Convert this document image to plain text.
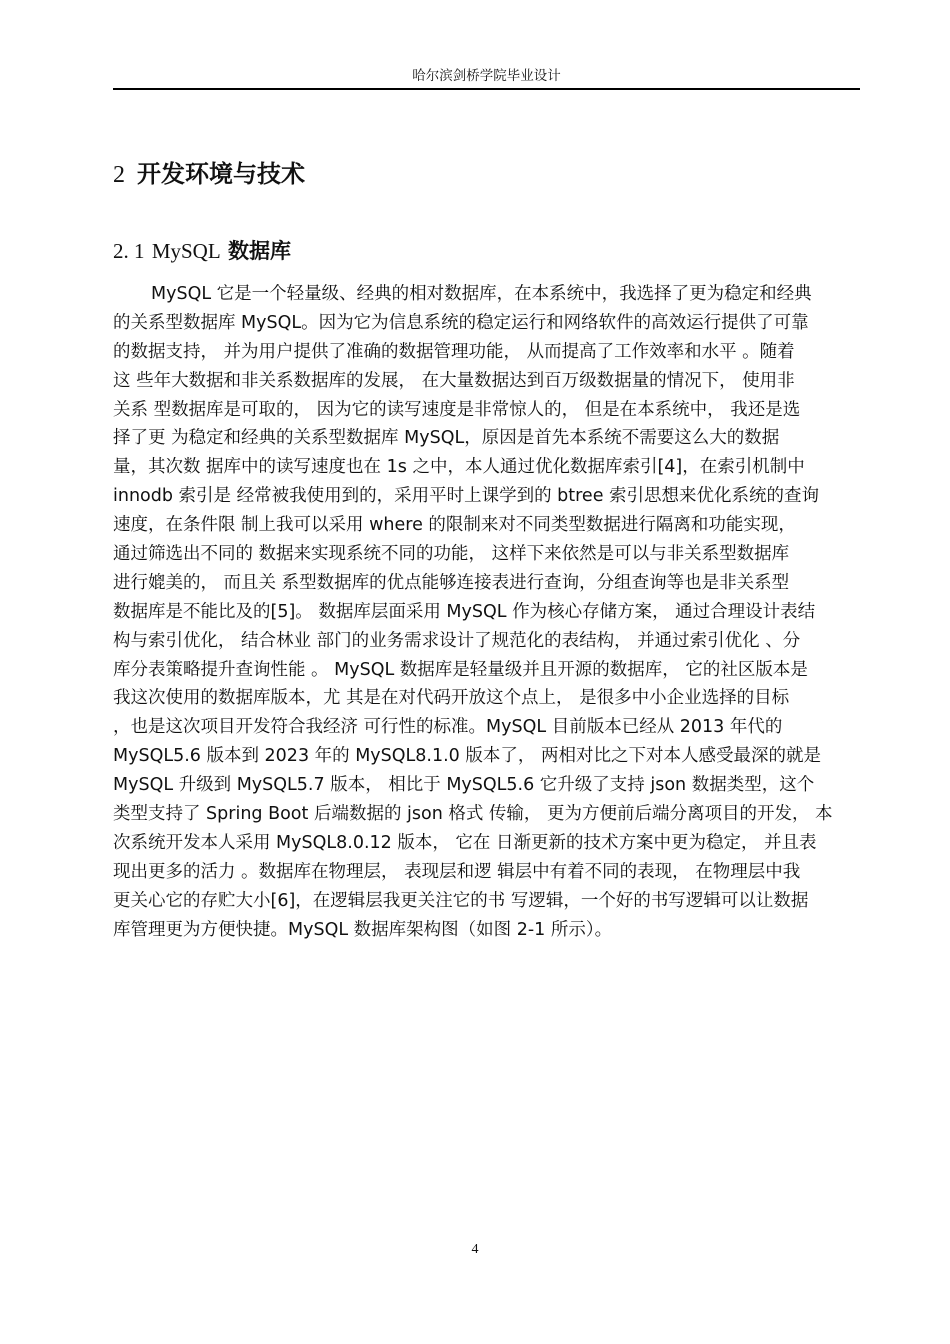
哈尔滨剑桥学院毕业设计
2 开发环境与技术
2. 1 MySQL 数据库
MySQL 它是一个轻量级、经典的相对数据库，在本系统中，我选择了更为稳定和经典
的关系型数据库 MySQL。因为它为信息系统的稳定运行和网络软件的高效运行提供了可靠
的数据支持， 并为用户提供了准确的数据管理功能， 从而提高了工作效率和水平 。随着
这 些年大数据和非关系数据库的发展， 在大量数据达到百万级数据量的情况下， 使用非
关系 型数据库是可取的， 因为它的读写速度是非常惊人的， 但是在本系统中， 我还是选
择了更 为稳定和经典的关系型数据库 MySQL，原因是首先本系统不需要这么大的数据
量，其次数 据库中的读写速度也在 1s 之中，本人通过优化数据库索引[4]，在索引机制中
innodb 索引是 经常被我使用到的，采用平时上课学到的 btree 索引思想来优化系统的查询
速度，在条件限 制上我可以采用 where 的限制来对不同类型数据进行隔离和功能实现，
通过筛选出不同的 数据来实现系统不同的功能， 这样下来依然是可以与非关系型数据库
进行媲美的， 而且关 系型数据库的优点能够连接表进行查询，分组查询等也是非关系型
数据库是不能比及的[5]。 数据库层面采用 MySQL 作为核心存储方案， 通过合理设计表结
构与索引优化， 结合林业 部门的业务需求设计了规范化的表结构， 并通过索引优化 、分
库分表策略提升查询性能 。 MySQL 数据库是轻量级并且开源的数据库， 它的社区版本是
我这次使用的数据库版本，尤 其是在对代码开放这个点上， 是很多中小企业选择的目标
，也是这次项目开发符合我经济 可行性的标准。MySQL 目前版本已经从 2013 年代的
MySQL5.6 版本到 2023 年的 MySQL8.1.0 版本了， 两相对比之下对本人感受最深的就是
MySQL 升级到 MySQL5.7 版本， 相比于 MySQL5.6 它升级了支持 json 数据类型，这个
类型支持了 Spring Boot 后端数据的 json 格式 传输， 更为方便前后端分离项目的开发， 本
次系统开发本人采用 MySQL8.0.12 版本， 它在 日渐更新的技术方案中更为稳定， 并且表
现出更多的活力 。数据库在物理层， 表现层和逻 辑层中有着不同的表现， 在物理层中我
更关心它的存贮大小[6]，在逻辑层我更关注它的书 写逻辑，一个好的书写逻辑可以让数据
库管理更为方便快捷。MySQL 数据库架构图（如图 2-1 所示）。
4
